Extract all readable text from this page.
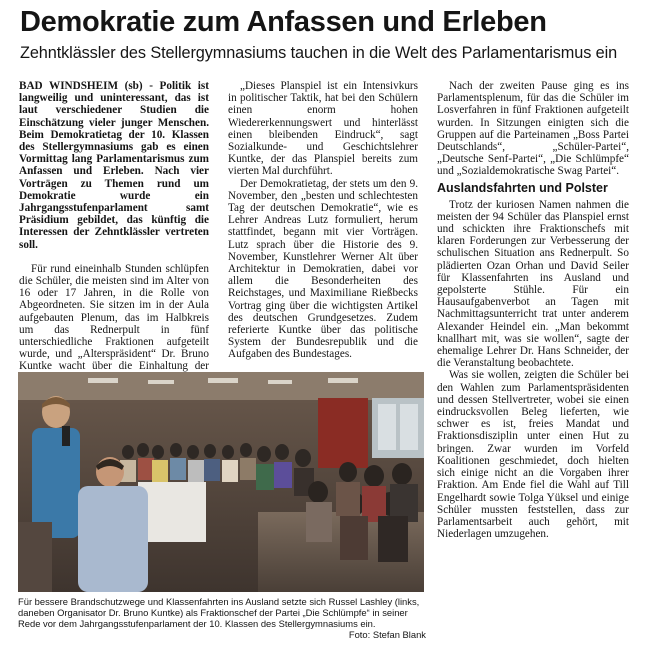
Demokratie zum Anfassen und Erleben
Zehntklässler des Stellergymnasiums tauchen in die Welt des Parlamentarismus ein

BAD WINDSHEIM (sb) - Politik ist langweilig und uninteressant, das ist laut verschiedener Studien die Einschätzung vieler junger Menschen. Beim Demokratietag der 10. Klassen des Stellergymnasiums gab es einen Vormittag lang Parlamentarismus zum Anfassen und Erleben. Nach vier Vorträgen zu Themen rund um Demokratie wurde ein Jahrgangsstufenparlament samt Präsidium gebildet, das künftig die Interessen der Zehntklässler vertreten soll.

Für rund eineinhalb Stunden schlüpfen die Schüler, die meisten sind im Alter von 16 oder 17 Jahren, in die Rolle von Abgeordneten. Sie sitzen im in der Aula aufgebauten Plenum, das im Halbkreis um das Rednerpult in fünf unterschiedliche Fraktionen aufgeteilt wurde, und „Alterspräsident“ Dr. Bruno Kuntke wacht über die Einhaltung der

„Dieses Planspiel ist ein Intensivkurs in politischer Taktik, hat bei den Schülern einen enorm hohen Wiedererkennungswert und hinterlässt einen bleibenden Eindruck“, sagt Sozialkunde- und Geschichtslehrer Kuntke, der das Planspiel bereits zum vierten Mal durchführt.

Der Demokratietag, der stets um den 9. November, den „besten und schlechtesten Tag der deutschen Demokratie“, wie es Lehrer Andreas Lutz formuliert, herum stattfindet, begann mit vier Vorträgen. Lutz sprach über die Historie des 9. November, Kunstlehrer Werner Alt über Architektur in Demokratien, dabei vor allem die Besonderheiten des Reichstages, und Maximiliane Rießbecks Vortrag ging über die wichtigsten Artikel des deutschen Grundgesetzes. Zudem referierte Kuntke über das politische System der Bundesrepublik und die Aufgaben des Bundestages.

Nach der zweiten Pause ging es ins Parlamentsplenum, für das die Schüler im Losverfahren in fünf Fraktionen aufgeteilt wurden. In Sitzungen einigten sich die Gruppen auf die Parteinamen „Boss Partei Deutschlands“, „Schüler-Partei“, „Deutsche Senf-Partei“, „Die Schlümpfe“ und „Sozialdemokratische Swag Partei“.

Auslandsfahrten und Polster

Trotz der kuriosen Namen nahmen die meisten der 94 Schüler das Planspiel ernst und schickten ihre Fraktionschefs mit klaren Forderungen zur Verbesserung der schulischen Situation ans Rednerpult. So plädierten Ozan Orhan und David Seiler für Klassenfahrten ins Ausland und gepolsterte Stühle. Für ein Hausaufgabenverbot an Tagen mit Nachmittagsunterricht trat unter anderem Alexander Heindel ein. „Man bekommt knallhart mit, was sie wollen“, sagte der ehemalige Lehrer Dr. Hans Schneider, der die Veranstaltung beobachtete.

Was sie wollen, zeigten die Schüler bei den Wahlen zum Parlamentspräsidenten und dessen Stellvertreter, wobei sie einen eindrucksvollen Beleg lieferten, wie schwer es ist, freies Mandat und Fraktionsdisziplin unter einen Hut zu bringen. Zwar wurden im Vorfeld Koalitionen geschmiedet, doch hielten sich einige nicht an die Vorgaben ihrer Fraktion. Am Ende fiel die Wahl auf Till Engelhardt sowie Tolga Yüksel und einige Schüler mussten feststellen, dass zur Parlamentsarbeit auch gehört, mit Niederlagen umzugehen.

Für bessere Brandschutzwege und Klassenfahrten ins Ausland setzte sich Russel Lashley (links, daneben Organisator Dr. Bruno Kuntke) als Fraktionschef der Partei „Die Schlümpfe“ in seiner Rede vor dem Jahrgangsstufenparlament der 10. Klassen des Stellergymnasiums ein.
Foto: Stefan Blank
